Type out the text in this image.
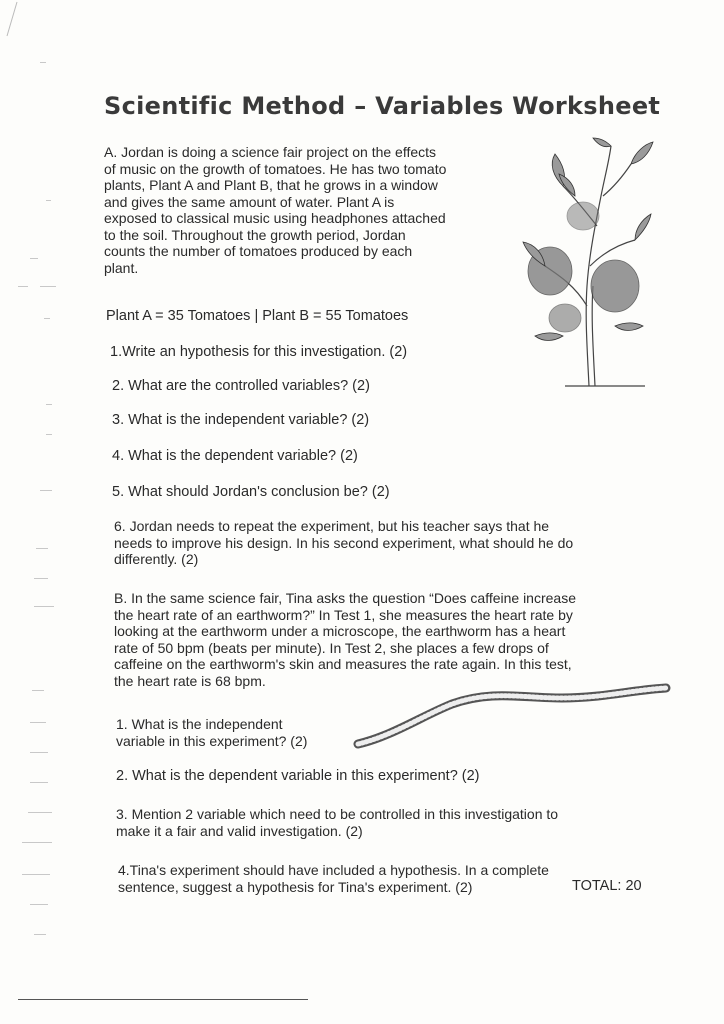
Scientific Method – Variables Worksheet
A. Jordan is doing a science fair project on the effects
of music on the growth of tomatoes. He has two tomato
plants, Plant A and Plant B, that he grows in a window
and gives the same amount of water. Plant A is
exposed to classical music using headphones attached
to the soil. Throughout the growth period, Jordan
counts the number of tomatoes produced by each
plant.
Plant A = 35 Tomatoes | Plant B = 55 Tomatoes
1.Write an hypothesis for this investigation. (2)
2. What are the controlled variables? (2)
3. What is the independent variable? (2)
4. What is the dependent variable? (2)
5. What should Jordan's conclusion be? (2)
6. Jordan needs to repeat the experiment, but his teacher says that he
needs to improve his design. In his second experiment, what should he do
differently. (2)
B. In the same science fair, Tina asks the question “Does caffeine increase
the heart rate of an earthworm?” In Test 1, she measures the heart rate by
looking at the earthworm under a microscope, the earthworm has a heart
rate of 50 bpm (beats per minute). In Test 2, she places a few drops of
caffeine on the earthworm's skin and measures the rate again. In this test,
the heart rate is 68 bpm.
1. What is the independent
variable in this experiment? (2)
2. What is the dependent variable in this experiment? (2)
3. Mention 2 variable which need to be controlled in this investigation to
make it a fair and valid investigation. (2)
4.Tina's experiment should have included a hypothesis. In a complete
sentence, suggest a hypothesis for Tina's experiment. (2)	TOTAL: 20
